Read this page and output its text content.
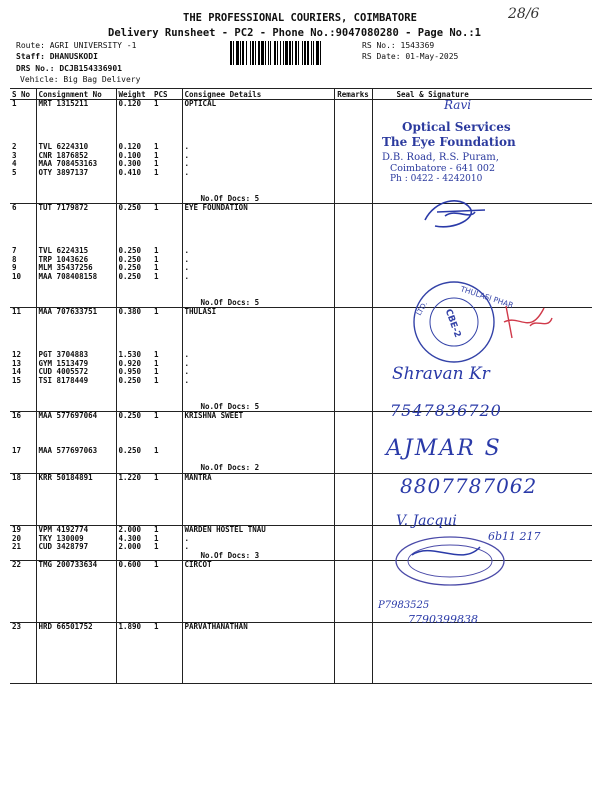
28/6
THE PROFESSIONAL COURIERS, COIMBATORE
Delivery Runsheet - PC2 - Phone No.:9047080280 - Page No.:1
Route: AGRI UNIVERSITY -1
Staff: DHANUSKODI
DRS No.: DCJB154336901
Vehicle: Big Bag Delivery
RS No.: 1543369
RS Date: 01-May-2025
S No	Consignment No	Weight	PCS	Consignee Details	Remarks	Seal & Signature
1	MRT 1315211	0.120	1	OPTICAL		

2	TVL 6224310	0.120	1	.		
3	CNR 1876852	0.100	1	.		
4	MAA 708453163	0.300	1	.		
5	OTY 3897137	0.410	1	.		

				No.Of Docs: 5		
6	TUT 7179872	0.250	1	EYE FOUNDATION		

7	TVL 6224315	0.250	1	.		
8	TRP 1043626	0.250	1	.		
9	MLM 35437256	0.250	1	.		
10	MAA 708408158	0.250	1	.		

				No.Of Docs: 5		
11	MAA 707633751	0.380	1	THULASI		

12	PGT 3704883	1.530	1	.		
13	GYM 1513479	0.920	1	.		
14	CUD 4005572	0.950	1	.		
15	TSI 8178449	0.250	1	.		

				No.Of Docs: 5		
16	MAA 577697064	0.250	1	KRISHNA SWEET		

17	MAA 577697063	0.250	1			

				No.Of Docs: 2		
18	KRR 50184891	1.220	1	MANTRA		

19	VPM 4192774	2.000	1	WARDEN HOSTEL TNAU		
20	TKY 130009	4.300	1	.		
21	CUD 3428797	2.000	1	.		
				No.Of Docs: 3		
22	TMG 200733634	0.600	1	CIRCOT		

23	HRD 66501752	1.890	1	PARVATHANATHAN		

Ravi
Optical Services
The Eye Foundation
D.B. Road, R.S. Puram,
Coimbatore - 641 002
Ph : 0422 - 4242010
THULASI PHAR
LTD. CBE-2
Shravan Kr
7547836720
AJMAR S
8807787062
V. Jacqui
6b11 217
P7983525
7790399838
